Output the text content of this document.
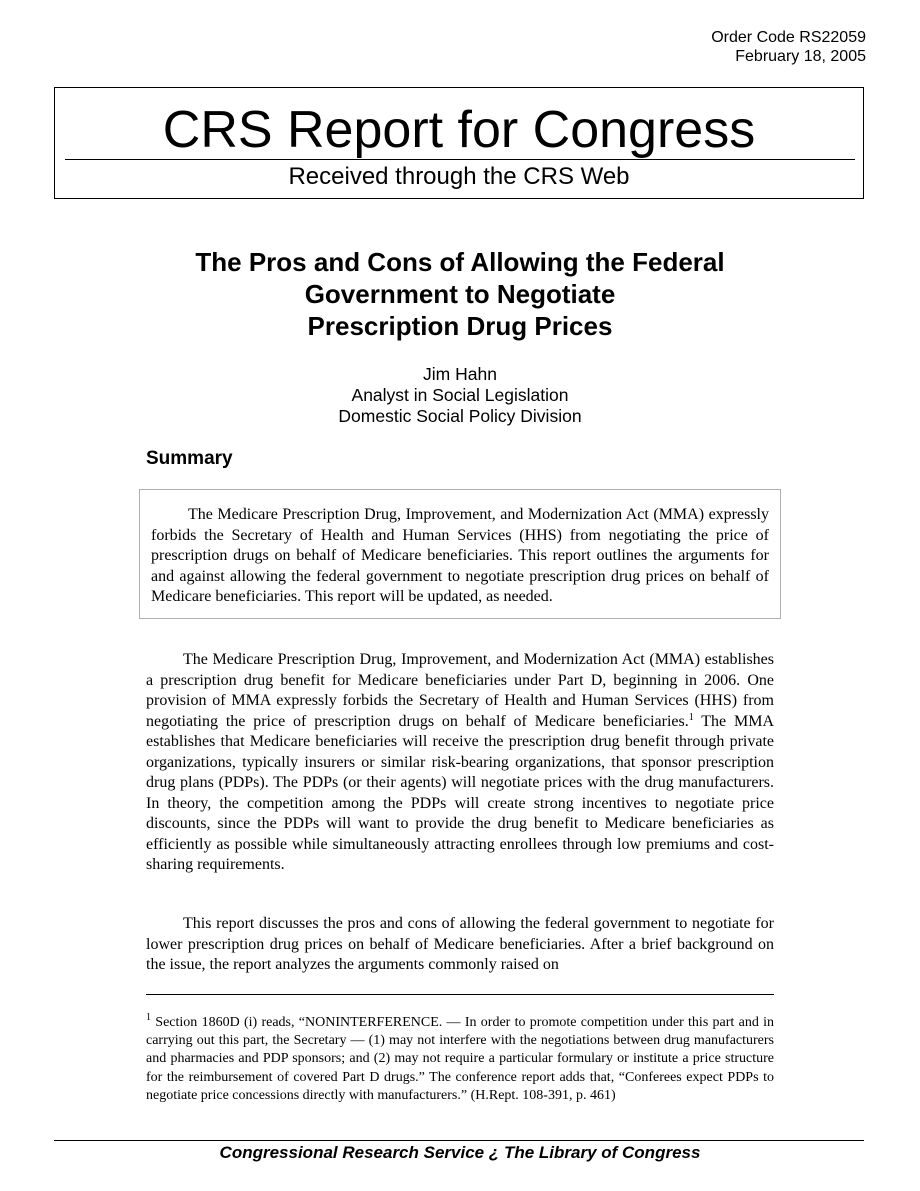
Order Code RS22059
February 18, 2005
CRS Report for Congress
Received through the CRS Web
The Pros and Cons of Allowing the Federal
Government to Negotiate
Prescription Drug Prices
Jim Hahn
Analyst in Social Legislation
Domestic Social Policy Division
Summary

The Medicare Prescription Drug, Improvement, and Modernization Act (MMA) expressly forbids the Secretary of Health and Human Services (HHS) from negotiating the price of prescription drugs on behalf of Medicare beneficiaries. This report outlines the arguments for and against allowing the federal government to negotiate prescription drug prices on behalf of Medicare beneficiaries. This report will be updated, as needed.

The Medicare Prescription Drug, Improvement, and Modernization Act (MMA) establishes a prescription drug benefit for Medicare beneficiaries under Part D, beginning in 2006. One provision of MMA expressly forbids the Secretary of Health and Human Services (HHS) from negotiating the price of prescription drugs on behalf of Medicare beneficiaries.$^1$ The MMA establishes that Medicare beneficiaries will receive the prescription drug benefit through private organizations, typically insurers or similar risk-bearing organizations, that sponsor prescription drug plans (PDPs). The PDPs (or their agents) will negotiate prices with the drug manufacturers. In theory, the competition among the PDPs will create strong incentives to negotiate price discounts, since the PDPs will want to provide the drug benefit to Medicare beneficiaries as efficiently as possible while simultaneously attracting enrollees through low premiums and cost-sharing requirements.

This report discusses the pros and cons of allowing the federal government to negotiate for lower prescription drug prices on behalf of Medicare beneficiaries. After a brief background on the issue, the report analyzes the arguments commonly raised on

$^1$ Section 1860D (i) reads, “NONINTERFERENCE. — In order to promote competition under this part and in carrying out this part, the Secretary — (1) may not interfere with the negotiations between drug manufacturers and pharmacies and PDP sponsors; and (2) may not require a particular formulary or institute a price structure for the reimbursement of covered Part D drugs.” The conference report adds that, “Conferees expect PDPs to negotiate price concessions directly with manufacturers.” (H.Rept. 108-391, p. 461)
Congressional Research Service ¿ The Library of Congress
